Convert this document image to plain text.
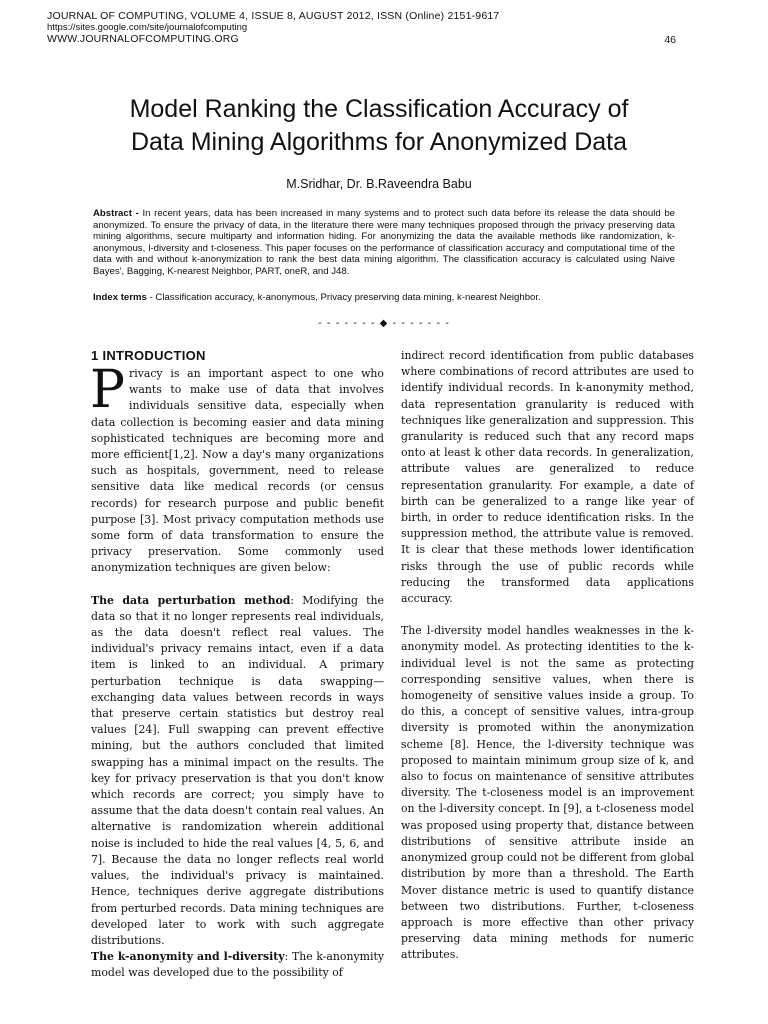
JOURNAL OF COMPUTING, VOLUME 4, ISSUE 8, AUGUST 2012, ISSN (Online) 2151-9617
https://sites.google.com/site/journalofcomputing
WWW.JOURNALOFCOMPUTING.ORG	46
Model Ranking the Classification Accuracy of
Data Mining Algorithms for Anonymized Data
M.Sridhar, Dr. B.Raveendra Babu
Abstract - In recent years, data has been increased in many systems and to protect such data before its release the data should be anonymized. To ensure the privacy of data, in the literature there were many techniques proposed through the privacy preserving data mining algorithms, secure multiparty and information hiding. For anonymizing the data the available methods like randomization, k-anonymous, l-diversity and t-closeness. This paper focuses on the performance of classification accuracy and computational time of the data with and without k-anonymization to rank the best data mining algorithm. The classification accuracy is calculated using Naive Bayes', Bagging, K-nearest Neighbor, PART, oneR, and J48.
Index terms - Classification accuracy, k-anonymous, Privacy preserving data mining, k-nearest Neighbor.
- - - - - - - ◆ - - - - - - -
1 INTRODUCTION

Privacy is an important aspect to one who wants to make use of data that involves individuals sensitive data, especially when data collection is becoming easier and data mining sophisticated techniques are becoming more and more efficient[1,2]. Now a day's many organizations such as hospitals, government, need to release sensitive data like medical records (or census records) for research purpose and public benefit purpose [3]. Most privacy computation methods use some form of data transformation to ensure the privacy preservation. Some commonly used anonymization techniques are given below:

The data perturbation method: Modifying the data so that it no longer represents real individuals, as the data doesn't reflect real values. The individual's privacy remains intact, even if a data item is linked to an individual. A primary perturbation technique is data swapping—exchanging data values between records in ways that preserve certain statistics but destroy real values [24]. Full swapping can prevent effective mining, but the authors concluded that limited swapping has a minimal impact on the results. The key for privacy preservation is that you don't know which records are correct; you simply have to assume that the data doesn't contain real values. An alternative is randomization wherein additional noise is included to hide the real values [4, 5, 6, and 7]. Because the data no longer reflects real world values, the individual's privacy is maintained. Hence, techniques derive aggregate distributions from perturbed records. Data mining techniques are developed later to work with such aggregate distributions.

The k-anonymity and l-diversity: The k-anonymity model was developed due to the possibility of

indirect record identification from public databases where combinations of record attributes are used to identify individual records. In k-anonymity method, data representation granularity is reduced with techniques like generalization and suppression. This granularity is reduced such that any record maps onto at least k other data records. In generalization, attribute values are generalized to reduce representation granularity. For example, a date of birth can be generalized to a range like year of birth, in order to reduce identification risks. In the suppression method, the attribute value is removed. It is clear that these methods lower identification risks through the use of public records while reducing the transformed data applications accuracy.

The l-diversity model handles weaknesses in the k-anonymity model. As protecting identities to the k-individual level is not the same as protecting corresponding sensitive values, when there is homogeneity of sensitive values inside a group. To do this, a concept of sensitive values, intra-group diversity is promoted within the anonymization scheme [8]. Hence, the l-diversity technique was proposed to maintain minimum group size of k, and also to focus on maintenance of sensitive attributes diversity. The t-closeness model is an improvement on the l-diversity concept. In [9], a t-closeness model was proposed using property that, distance between distributions of sensitive attribute inside an anonymized group could not be different from global distribution by more than a threshold. The Earth Mover distance metric is used to quantify distance between two distributions. Further, t-closeness approach is more effective than other privacy preserving data mining methods for numeric attributes.
